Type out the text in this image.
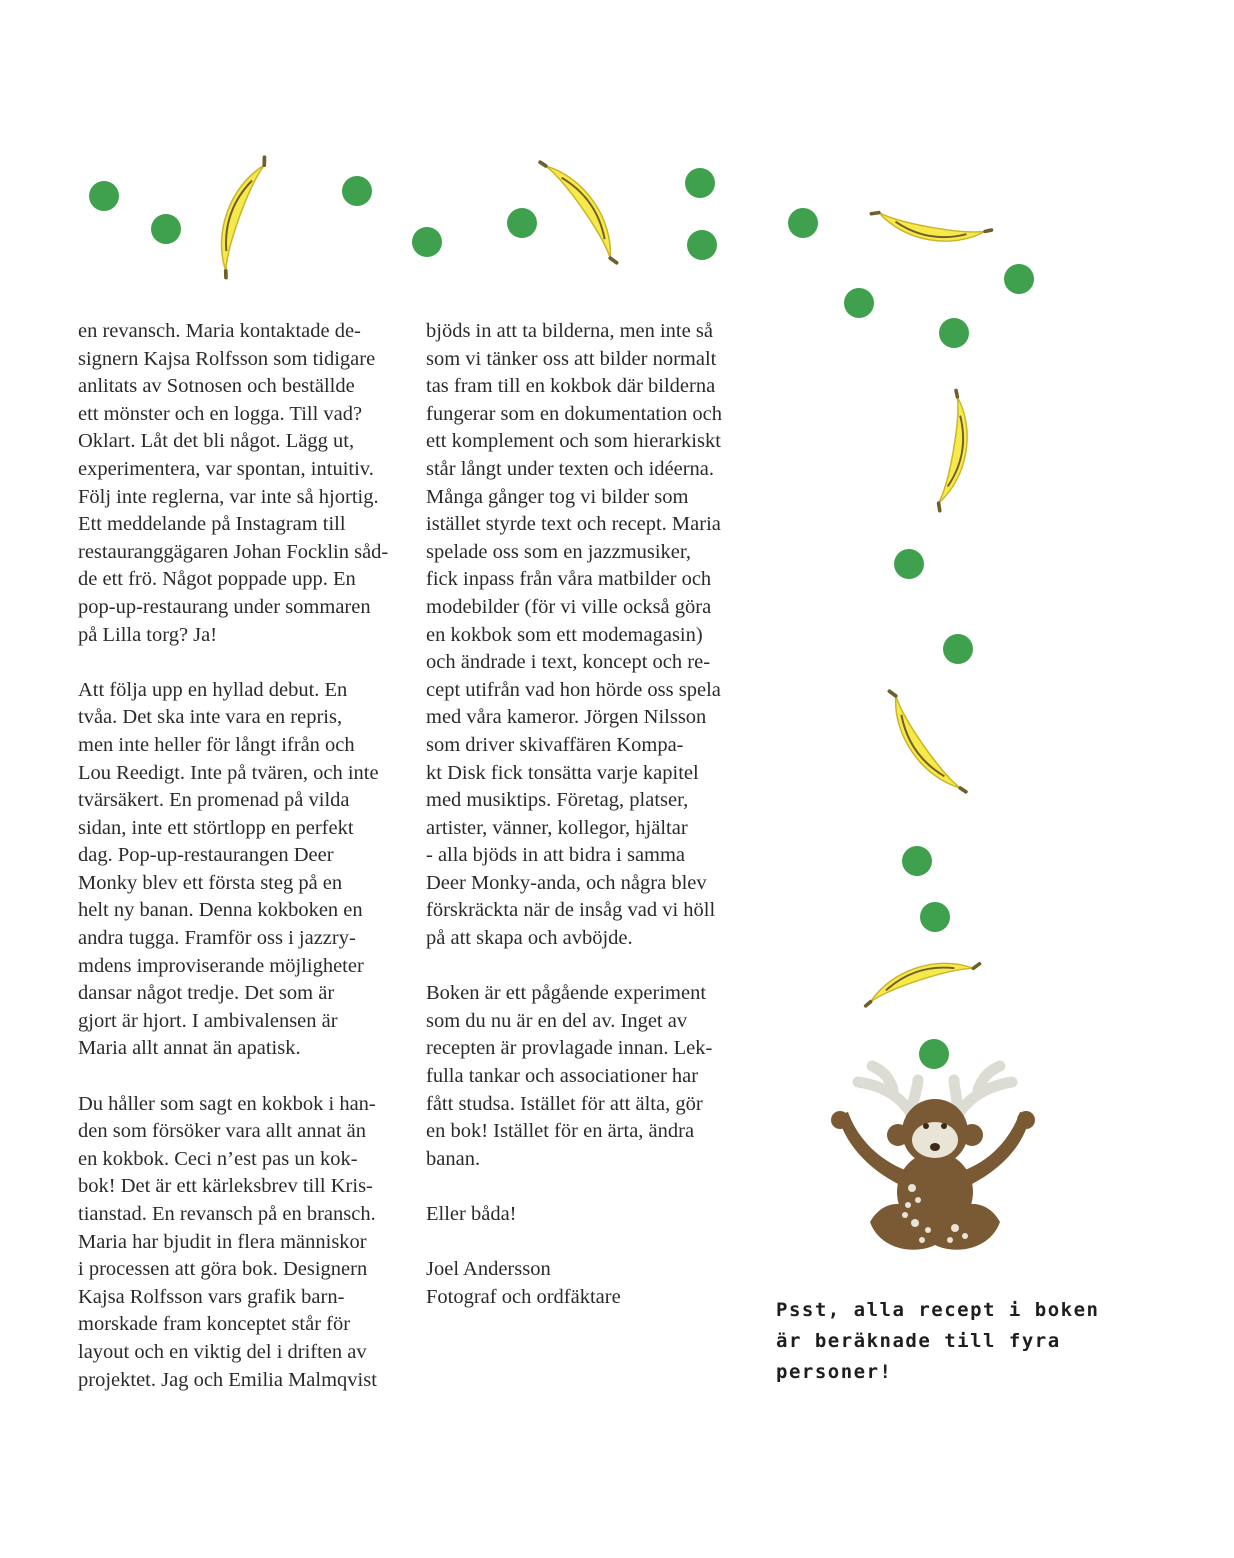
en revansch. Maria kontaktade de-
signern Kajsa Rolfsson som tidigare
anlitats av Sotnosen och beställde
ett mönster och en logga. Till vad?
Oklart. Låt det bli något. Lägg ut,
experimentera, var spontan, intuitiv.
Följ inte reglerna, var inte så hjortig.
Ett meddelande på Instagram till
restauranggägaren Johan Focklin såd-
de ett frö. Något poppade upp. En
pop-up-restaurang under sommaren
på Lilla torg? Ja!

Att följa upp en hyllad debut. En
tvåa. Det ska inte vara en repris,
men inte heller för långt ifrån och
Lou Reedigt. Inte på tvären, och inte
tvärsäkert. En promenad på vilda
sidan, inte ett störtlopp en perfekt
dag. Pop-up-restaurangen Deer
Monky blev ett första steg på en
helt ny banan. Denna kokboken en
andra tugga. Framför oss i jazzry-
mdens improviserande möjligheter
dansar något tredje. Det som är
gjort är hjort. I ambivalensen är
Maria allt annat än apatisk.

Du håller som sagt en kokbok i han-
den som försöker vara allt annat än
en kokbok. Ceci n’est pas un kok-
bok! Det är ett kärleksbrev till Kris-
tianstad. En revansch på en bransch.
Maria har bjudit in flera människor
i processen att göra bok. Designern
Kajsa Rolfsson vars grafik barn-
morskade fram konceptet står för
layout och en viktig del i driften av
projektet. Jag och Emilia Malmqvist

bjöds in att ta bilderna, men inte så
som vi tänker oss att bilder normalt
tas fram till en kokbok där bilderna
fungerar som en dokumentation och
ett komplement och som hierarkiskt
står långt under texten och idéerna.
Många gånger tog vi bilder som
istället styrde text och recept. Maria
spelade oss som en jazzmusiker,
fick inpass från våra matbilder och
modebilder (för vi ville också göra
en kokbok som ett modemagasin)
och ändrade i text, koncept och re-
cept utifrån vad hon hörde oss spela
med våra kameror. Jörgen Nilsson
som driver skivaffären Kompa-
kt Disk fick tonsätta varje kapitel
med musiktips. Företag, platser,
artister, vänner, kollegor, hjältar
- alla bjöds in att bidra i samma
Deer Monky-anda, och några blev
förskräckta när de insåg vad vi höll
på att skapa och avböjde.

Boken är ett pågående experiment
som du nu är en del av. Inget av
recepten är provlagade innan. Lek-
fulla tankar och associationer har
fått studsa. Istället för att älta, gör
en bok! Istället för en ärta, ändra
banan.

Eller båda!

Joel Andersson
Fotograf och ordfäktare

Psst, alla recept i boken
är beräknade till fyra
personer!
